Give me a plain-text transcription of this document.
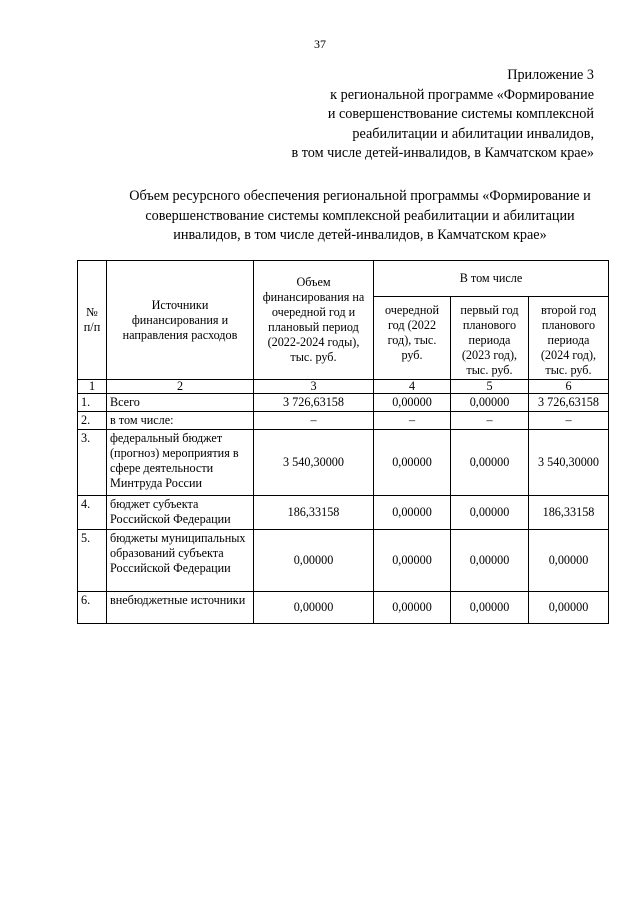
37
Приложение 3
к региональной программе «Формирование
и совершенствование системы комплексной
реабилитации и абилитации инвалидов,
в том числе детей-инвалидов, в Камчатском крае»
Объем ресурсного обеспечения региональной программы «Формирование и
совершенствование системы комплексной реабилитации и абилитации
инвалидов, в том числе детей-инвалидов, в Камчатском крае»
№ п/п	Источники финансирования и направления расходов	Объем финансирования на очередной год и плановый период (2022-2024 годы), тыс. руб.	В том числе		
			очередной год (2022 год), тыс. руб.	первый год планового периода (2023 год), тыс. руб.	второй год планового периода (2024 год), тыс. руб.
1	2	3	4	5	6
1.	Всего	3 726,63158	0,00000	0,00000	3 726,63158
2.	в том числе:	–	–	–	–
3.	федеральный бюджет (прогноз) мероприятия в сфере деятельности Минтруда России	3 540,30000	0,00000	0,00000	3 540,30000
4.	бюджет субъекта Российской Федерации	186,33158	0,00000	0,00000	186,33158
5.	бюджеты муниципальных образований субъекта Российской Федерации	0,00000	0,00000	0,00000	0,00000
6.	внебюджетные источники	0,00000	0,00000	0,00000	0,00000
